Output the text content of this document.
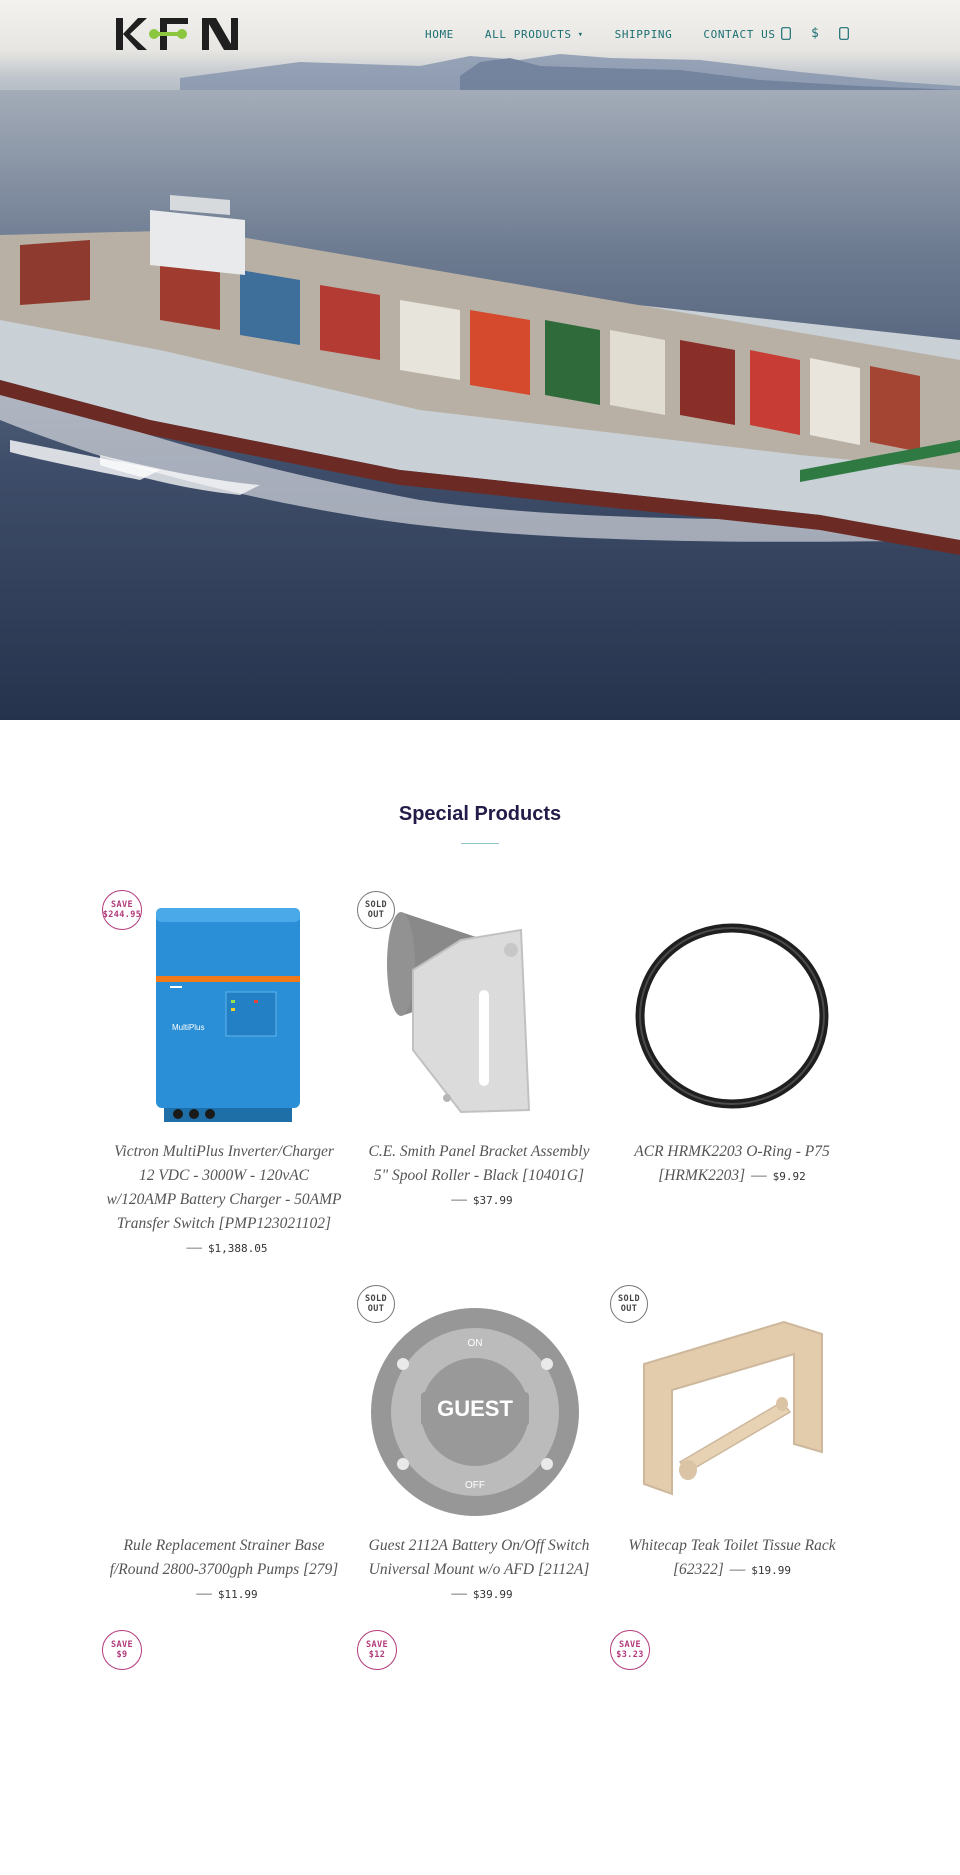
HOME	ALL PRODUCTS ▾	SHIPPING	CONTACT US	$
Special Products
SAVE
$244.95
MultiPlus
Victron MultiPlus Inverter/Charger 12 VDC - 3000W - 120vAC w/120AMP Battery Charger - 50AMP Transfer Switch [PMP123021102]— $1,388.05
SOLD
OUT
C.E. Smith Panel Bracket Assembly 5" Spool Roller - Black [10401G]
— $37.99
ACR HRMK2203 O-Ring - P75 [HRMK2203] — $9.92
Rule Replacement Strainer Base f/Round 2800-3700gph Pumps [279]— $11.99
SOLD
OUT
GUEST
ON
OFF
Guest 2112A Battery On/Off Switch Universal Mount w/o AFD [2112A]
— $39.99
SOLD
OUT
Whitecap Teak Toilet Tissue Rack [62322] — $19.99
SAVE
$9
SAVE
$12
SAVE
$3.23
